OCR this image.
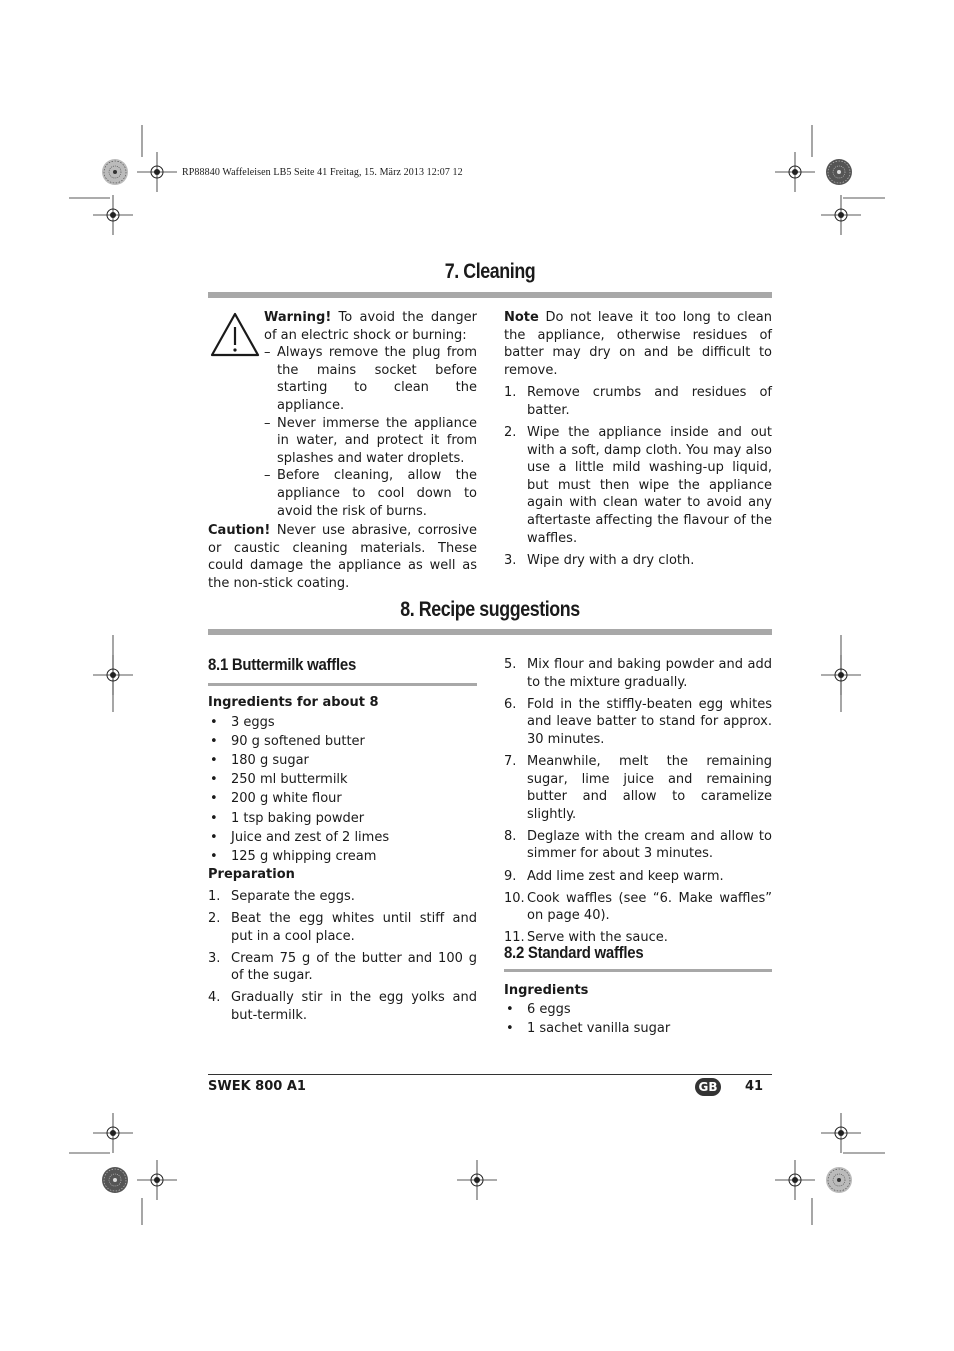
RP88840 Waffeleisen LB5 Seite 41 Freitag, 15. März 2013 12:07 12
7. Cleaning

Warning! To avoid the danger of an electric shock or burning:

– Always remove the plug from the mains socket before starting to clean the appliance.
– Never immerse the appliance in water, and protect it from splashes and water droplets.
– Before cleaning, allow the appliance to cool down to avoid the risk of burns.

Caution! Never use abrasive, corrosive or caustic cleaning materials. These could damage the appliance as well as the non-stick coating.

Note Do not leave it too long to clean the appliance, otherwise residues of batter may dry on and be difficult to remove.

1. Remove crumbs and residues of batter.
2. Wipe the appliance inside and out with a soft, damp cloth. You may also use a little mild washing-up liquid, but must then wipe the appliance again with clean water to avoid any aftertaste affecting the flavour of the waffles.
3. Wipe dry with a dry cloth.
8. Recipe suggestions
8.1 Buttermilk waffles

Ingredients for about 8

• 3 eggs
• 90 g softened butter
• 180 g sugar
• 250 ml buttermilk
• 200 g white flour
• 1 tsp baking powder
• Juice and zest of 2 limes
• 125 g whipping cream

Preparation

1. Separate the eggs.
2. Beat the egg whites until stiff and put in a cool place.
3. Cream 75 g of the butter and 100 g of the sugar.
4. Gradually stir in the egg yolks and but-termilk.
5. Mix flour and baking powder and add to the mixture gradually.
6. Fold in the stiffly-beaten egg whites and leave batter to stand for approx. 30 minutes.
7. Meanwhile, melt the remaining sugar, lime juice and remaining butter and allow to caramelize slightly.
8. Deglaze with the cream and allow to simmer for about 3 minutes.
9. Add lime zest and keep warm.
10. Cook waffles (see “6. Make waffles” on page 40).
11. Serve with the sauce.
8.2 Standard waffles

Ingredients

• 6 eggs
• 1 sachet vanilla sugar
SWEK 800 A1	GB 41
